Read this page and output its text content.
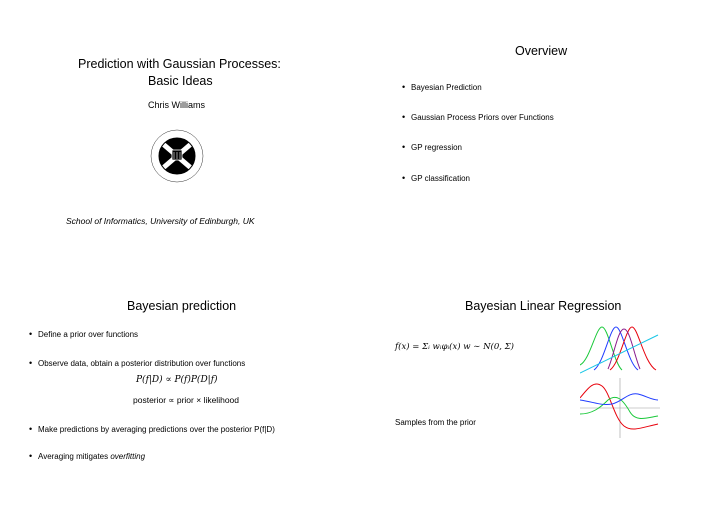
Prediction with Gaussian Processes:
Basic Ideas
Chris Williams
School of Informatics, University of Edinburgh, UK
Overview
• Bayesian Prediction
• Gaussian Process Priors over Functions
• GP regression
• GP classification
Bayesian prediction
• Define a prior over functions
• Observe data, obtain a posterior distribution over functions
P(f|D) ∝ P(f)P(D|f)
posterior ∝ prior × likelihood
• Make predictions by averaging predictions over the posterior P(f|D)
• Averaging mitigates overfitting
Bayesian Linear Regression
f(x) = Σᵢ wᵢφᵢ(x) w ∼ N(0, Σ)
Samples from the prior
